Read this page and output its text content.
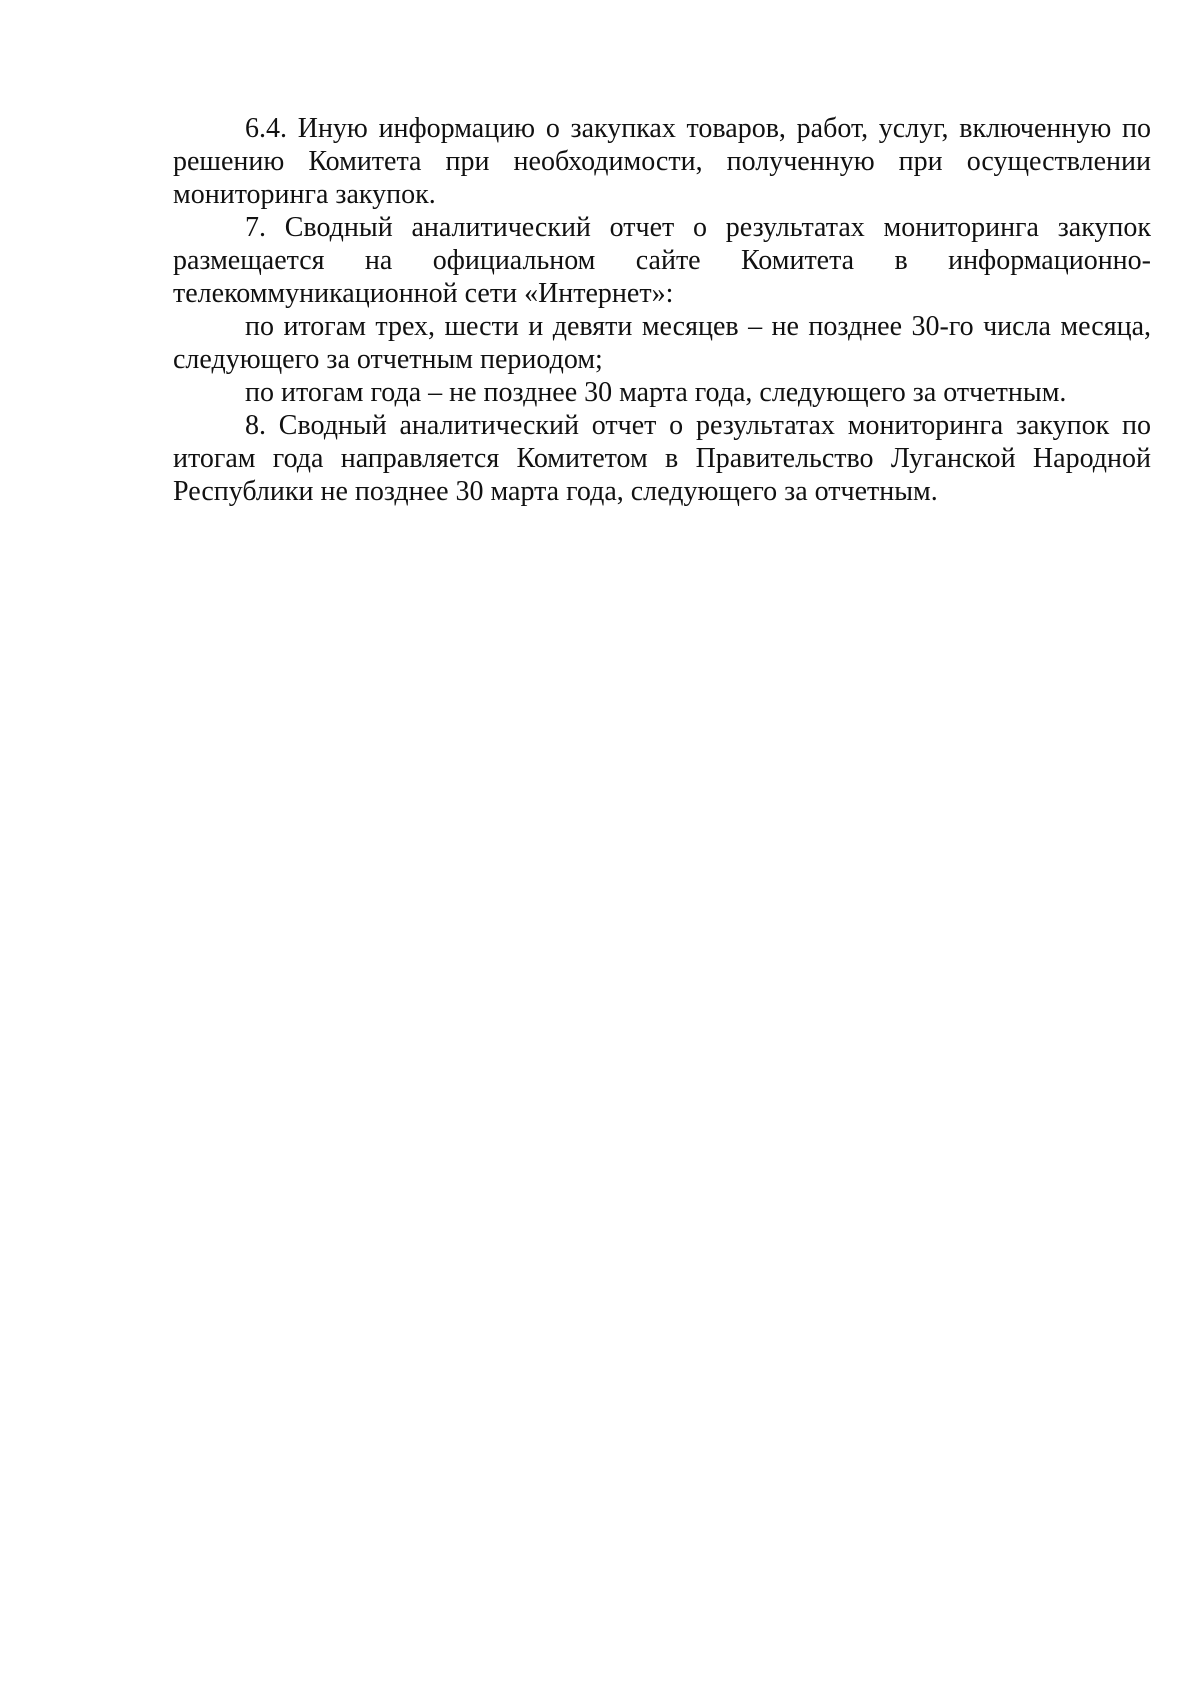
6.4. Иную информацию о закупках товаров, работ, услуг, включенную по решению Комитета при необходимости, полученную при осуществлении мониторинга закупок.

7. Сводный аналитический отчет о результатах мониторинга закупок размещается на официальном сайте Комитета в информационно-телекоммуникационной сети «Интернет»:

по итогам трех, шести и девяти месяцев – не позднее 30-го числа месяца, следующего за отчетным периодом;

по итогам года – не позднее 30 марта года, следующего за отчетным.

8. Сводный аналитический отчет о результатах мониторинга закупок по итогам года направляется Комитетом в Правительство Луганской Народной Республики не позднее 30 марта года, следующего за отчетным.
